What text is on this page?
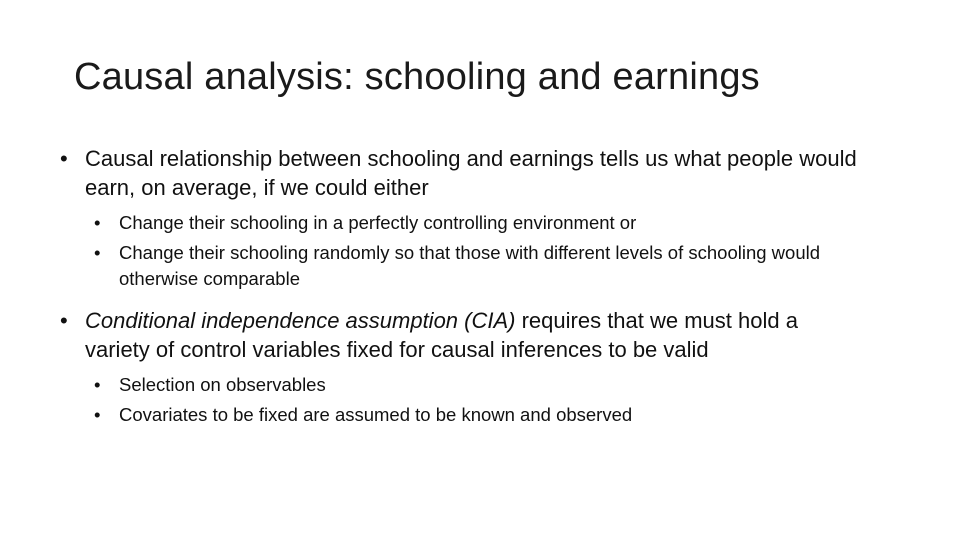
Causal analysis: schooling and earnings
• Causal relationship between schooling and earnings tells us what people would earn, on average, if we could either
• Change their schooling in a perfectly controlling environment or
• Change their schooling randomly so that those with different levels of schooling would otherwise comparable
• Conditional independence assumption (CIA) requires that we must hold a variety of control variables fixed for causal inferences to be valid
• Selection on observables
• Covariates to be fixed are assumed to be known and observed
